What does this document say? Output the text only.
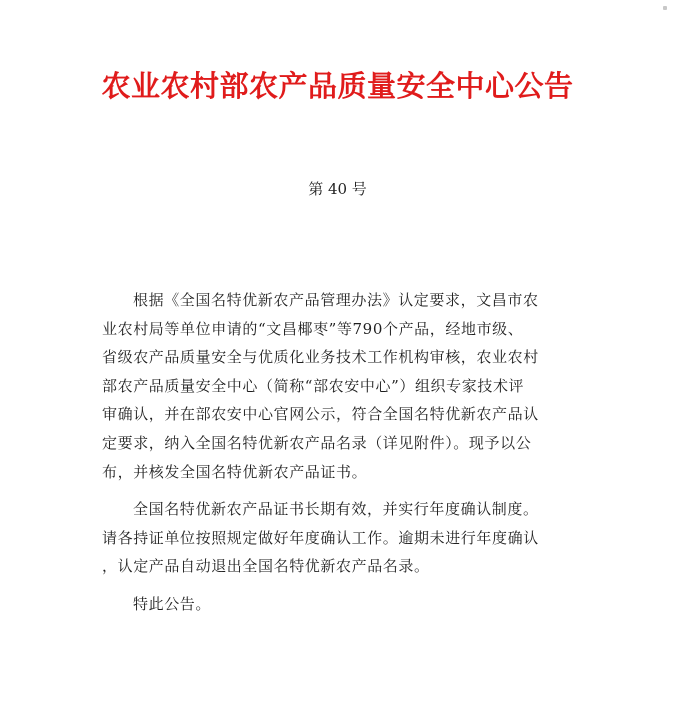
农业农村部农产品质量安全中心公告
第 40 号

根据《全国名特优新农产品管理办法》认定要求，文昌市农
业农村局等单位申请的“文昌椰枣”等790个产品，经地市级、
省级农产品质量安全与优质化业务技术工作机构审核，农业农村
部农产品质量安全中心（简称“部农安中心”）组织专家技术评
审确认，并在部农安中心官网公示，符合全国名特优新农产品认
定要求，纳入全国名特优新农产品名录（详见附件）。现予以公
布，并核发全国名特优新农产品证书。

全国名特优新农产品证书长期有效，并实行年度确认制度。
请各持证单位按照规定做好年度确认工作。逾期未进行年度确认
，认定产品自动退出全国名特优新农产品名录。

特此公告。
